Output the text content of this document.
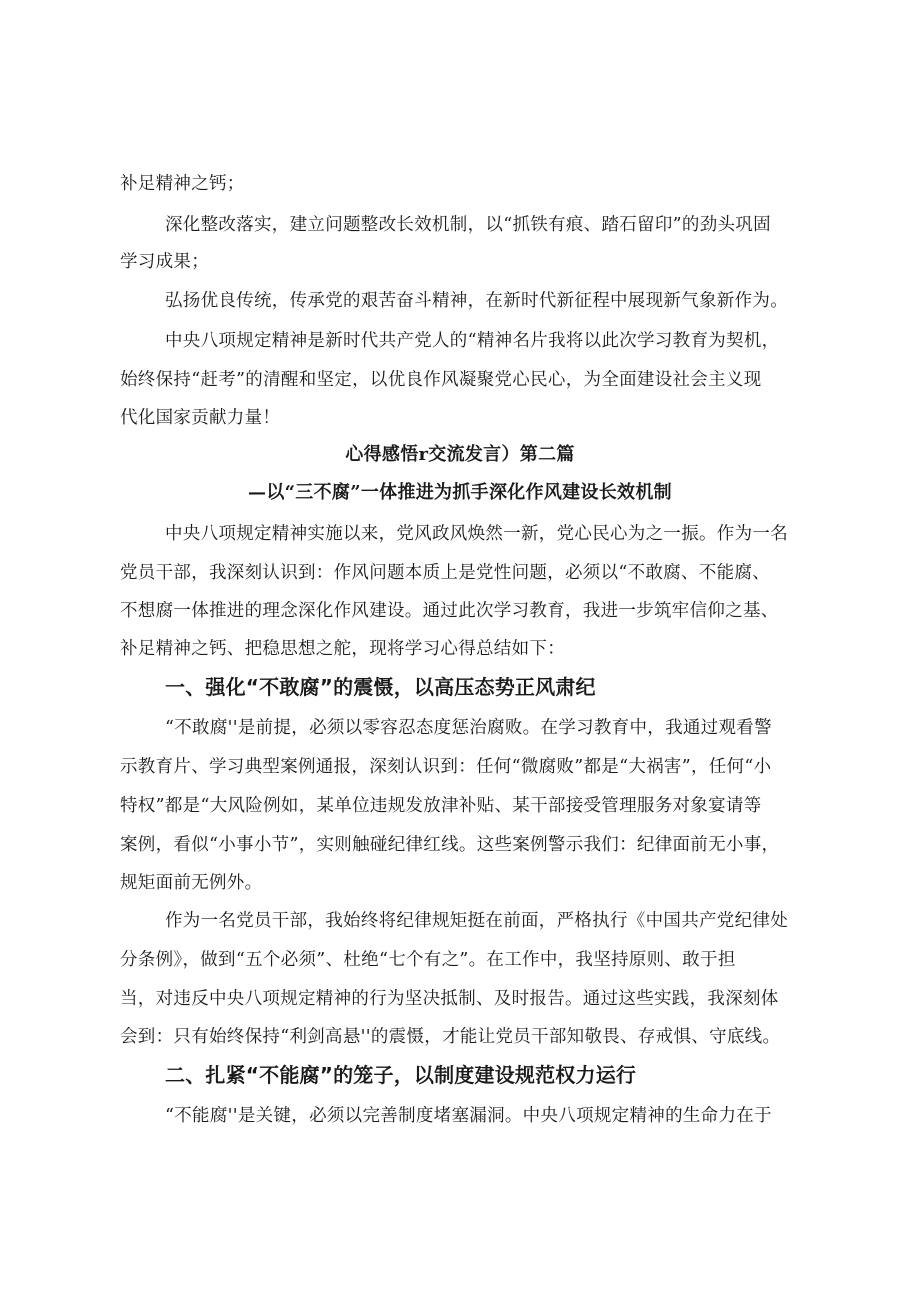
补足精神之钙；
深化整改落实，建立问题整改长效机制，以“抓铁有痕、踏石留印”的劲头巩固
学习成果；
弘扬优良传统，传承党的艰苦奋斗精神，在新时代新征程中展现新气象新作为。
中央八项规定精神是新时代共产党人的“精神名片我将以此次学习教育为契机，
始终保持“赶考”的清醒和坚定，以优良作风凝聚党心民心，为全面建设社会主义现
代化国家贡献力量！
心得感悟r交流发言）第二篇
—以“三不腐”一体推进为抓手深化作风建设长效机制
中央八项规定精神实施以来，党风政风焕然一新，党心民心为之一振。作为一名
党员干部，我深刻认识到：作风问题本质上是党性问题，必须以“不敢腐、不能腐、
不想腐一体推进的理念深化作风建设。通过此次学习教育，我进一步筑牢信仰之基、
补足精神之钙、把稳思想之舵，现将学习心得总结如下：
一、强化“不敢腐”的震慑，以高压态势正风肃纪
“不敢腐''是前提，必须以零容忍态度惩治腐败。在学习教育中，我通过观看警
示教育片、学习典型案例通报，深刻认识到：任何“微腐败”都是“大祸害”，任何“小
特权”都是“大风险例如，某单位违规发放津补贴、某干部接受管理服务对象宴请等
案例，看似“小事小节”，实则触碰纪律红线。这些案例警示我们：纪律面前无小事，
规矩面前无例外。
作为一名党员干部，我始终将纪律规矩挺在前面，严格执行《中国共产党纪律处
分条例》，做到“五个必须”、杜绝“七个有之”。在工作中，我坚持原则、敢于担
当，对违反中央八项规定精神的行为坚决抵制、及时报告。通过这些实践，我深刻体
会到：只有始终保持“利剑高悬''的震慑，才能让党员干部知敬畏、存戒惧、守底线。
二、扎紧“不能腐”的笼子，以制度建设规范权力运行
“不能腐''是关键，必须以完善制度堵塞漏洞。中央八项规定精神的生命力在于
